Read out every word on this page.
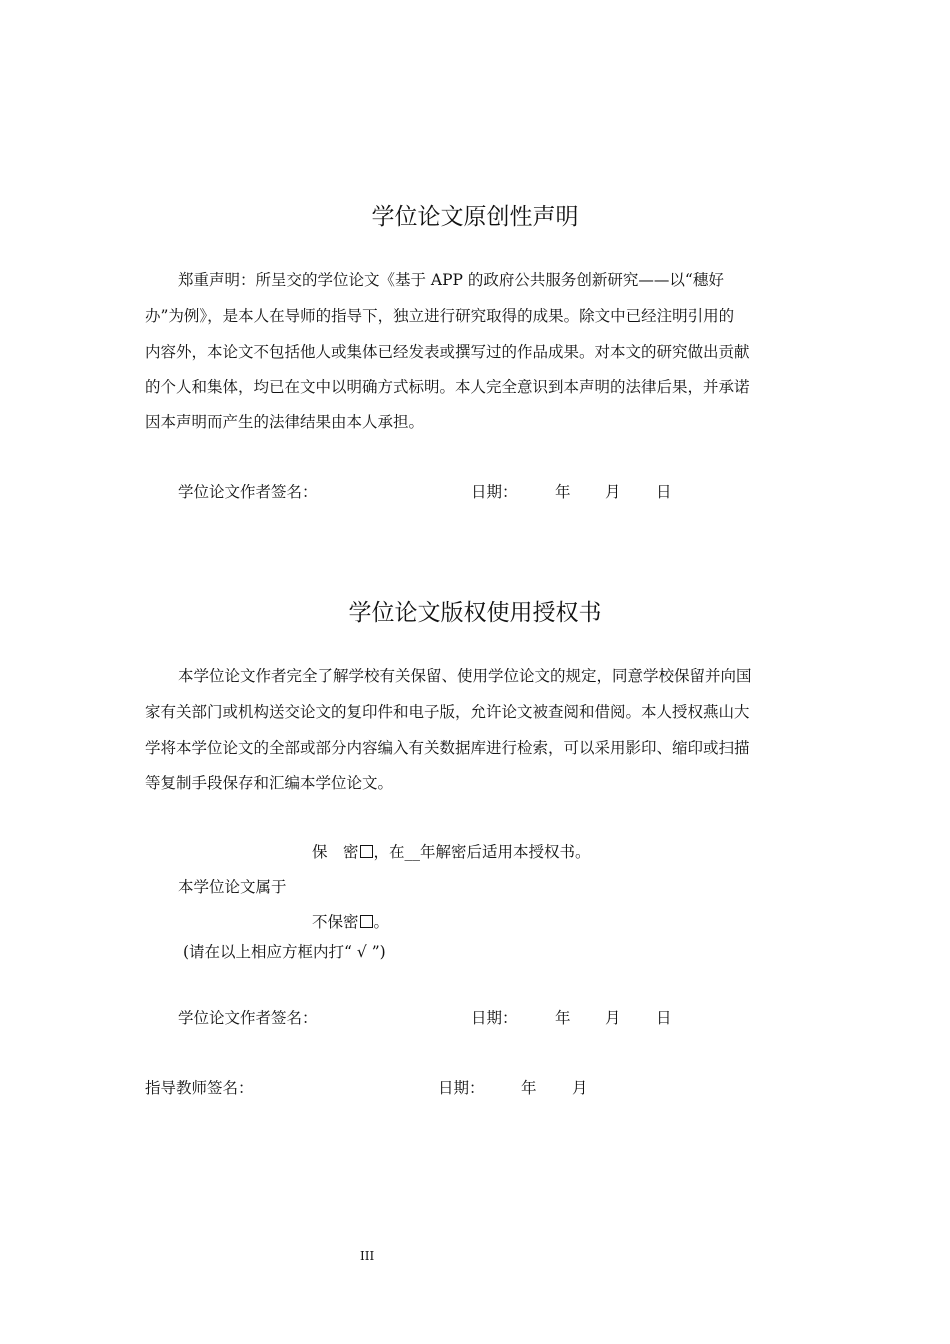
学位论文原创性声明
郑重声明：所呈交的学位论文《基于 APP 的政府公共服务创新研究——以“穗好
办”为例》，是本人在导师的指导下，独立进行研究取得的成果。除文中已经注明引用的
内容外，本论文不包括他人或集体已经发表或撰写过的作品成果。对本文的研究做出贡献
的个人和集体，均已在文中以明确方式标明。本人完全意识到本声明的法律后果，并承诺
因本声明而产生的法律结果由本人承担。
学位论文作者签名：	日期： 年 月 日
学位论文版权使用授权书
本学位论文作者完全了解学校有关保留、使用学位论文的规定，同意学校保留并向国
家有关部门或机构送交论文的复印件和电子版，允许论文被查阅和借阅。本人授权燕山大
学将本学位论文的全部或部分内容编入有关数据库进行检索，可以采用影印、缩印或扫描
等复制手段保存和汇编本学位论文。
保　密 ，在__年解密后适用本授权书。
本学位论文属于
不保密 。
(请在以上相应方框内打“ √ ”)
学位论文作者签名：	日期： 年 月 日
指导教师签名：	日期： 年 月
III
